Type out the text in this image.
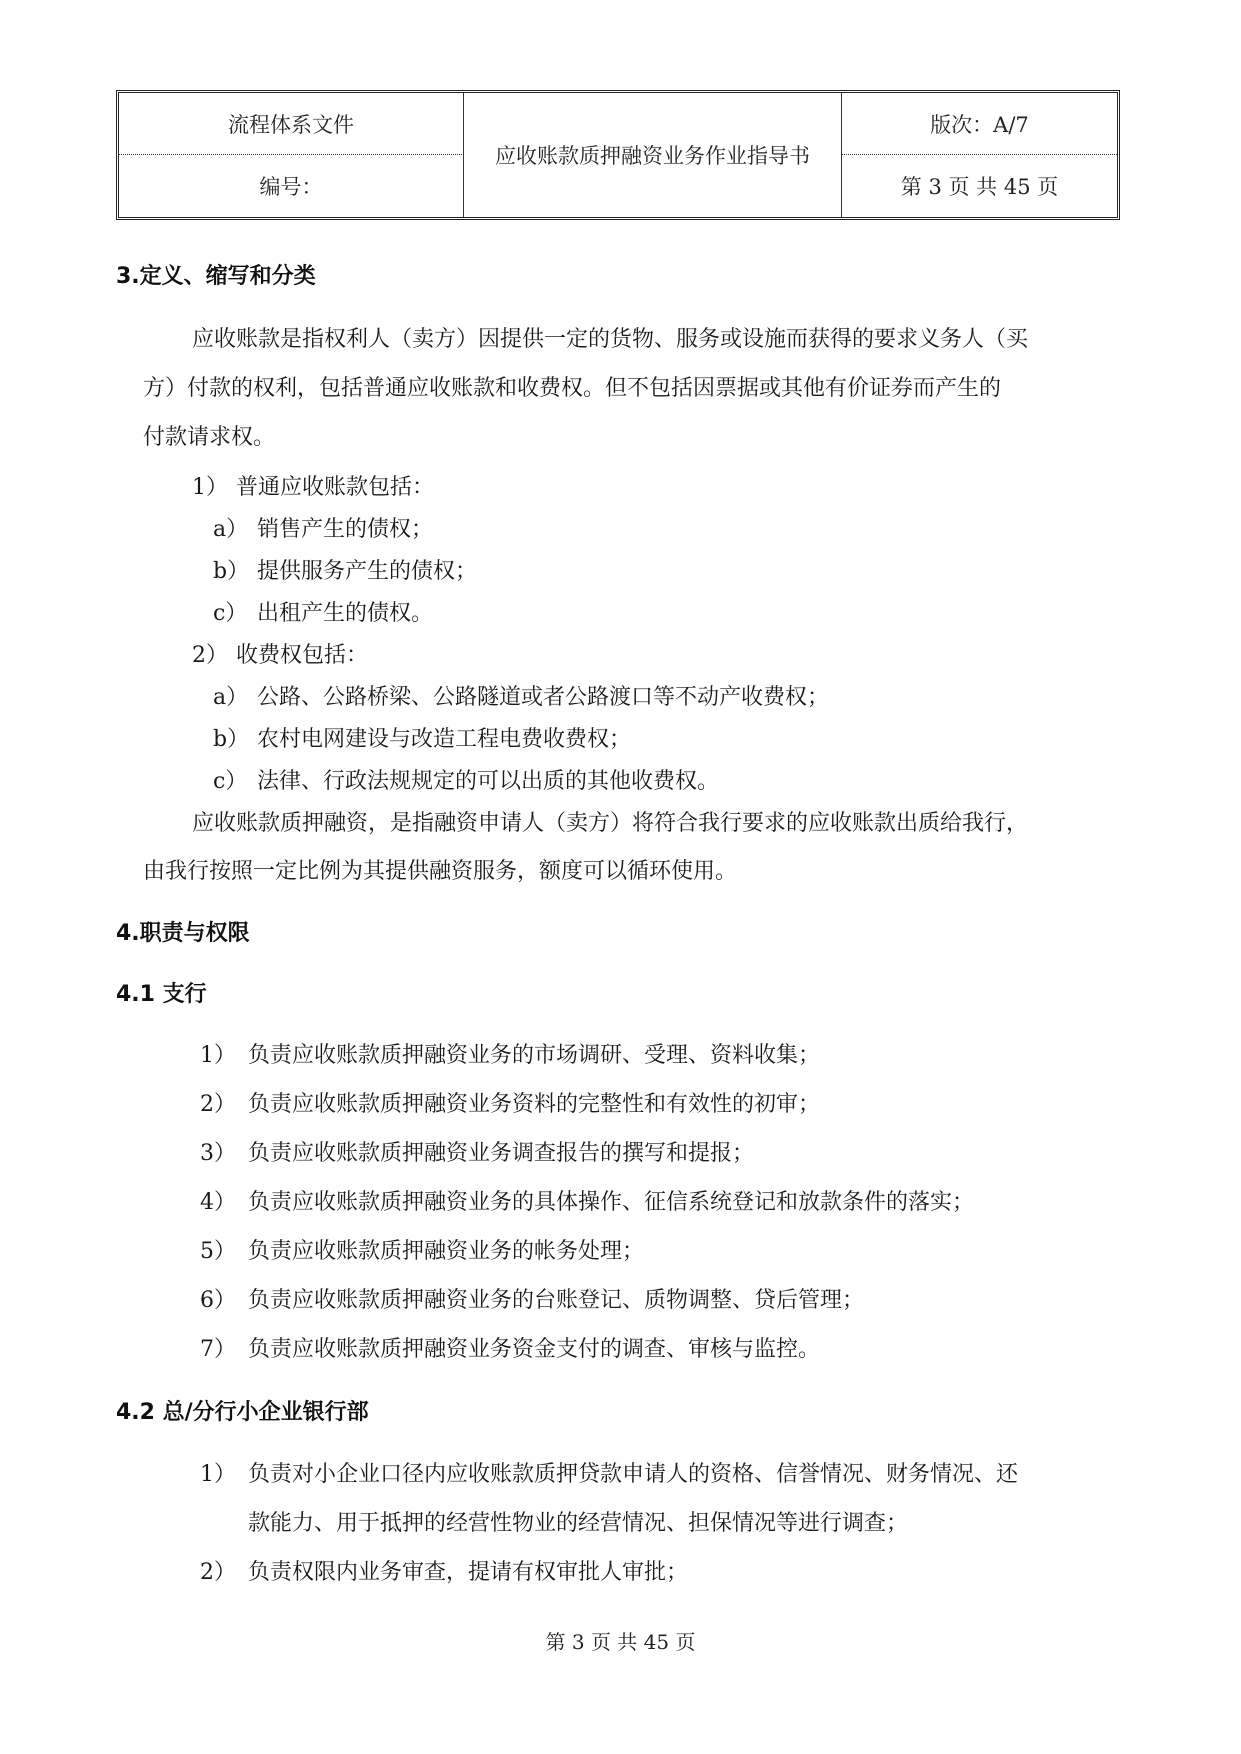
流程体系文件
编号：
应收账款质押融资业务作业指导书
版次：A/7
第 3 页 共 45 页
3.定义、缩写和分类
应收账款是指权利人（卖方）因提供一定的货物、服务或设施而获得的要求义务人（买
方）付款的权利，包括普通应收账款和收费权。但不包括因票据或其他有价证券而产生的
付款请求权。
1） 普通应收账款包括：
a） 销售产生的债权；
b） 提供服务产生的债权；
c） 出租产生的债权。
2） 收费权包括：
a） 公路、公路桥梁、公路隧道或者公路渡口等不动产收费权；
b） 农村电网建设与改造工程电费收费权；
c） 法律、行政法规规定的可以出质的其他收费权。
应收账款质押融资，是指融资申请人（卖方）将符合我行要求的应收账款出质给我行，
由我行按照一定比例为其提供融资服务，额度可以循环使用。
4.职责与权限
4.1 支行
1） 负责应收账款质押融资业务的市场调研、受理、资料收集；
2） 负责应收账款质押融资业务资料的完整性和有效性的初审；
3） 负责应收账款质押融资业务调查报告的撰写和提报；
4） 负责应收账款质押融资业务的具体操作、征信系统登记和放款条件的落实；
5） 负责应收账款质押融资业务的帐务处理；
6） 负责应收账款质押融资业务的台账登记、质物调整、贷后管理；
7） 负责应收账款质押融资业务资金支付的调查、审核与监控。
4.2 总/分行小企业银行部
1） 负责对小企业口径内应收账款质押贷款申请人的资格、信誉情况、财务情况、还
款能力、用于抵押的经营性物业的经营情况、担保情况等进行调查；
2） 负责权限内业务审查，提请有权审批人审批；
第 3 页 共 45 页
